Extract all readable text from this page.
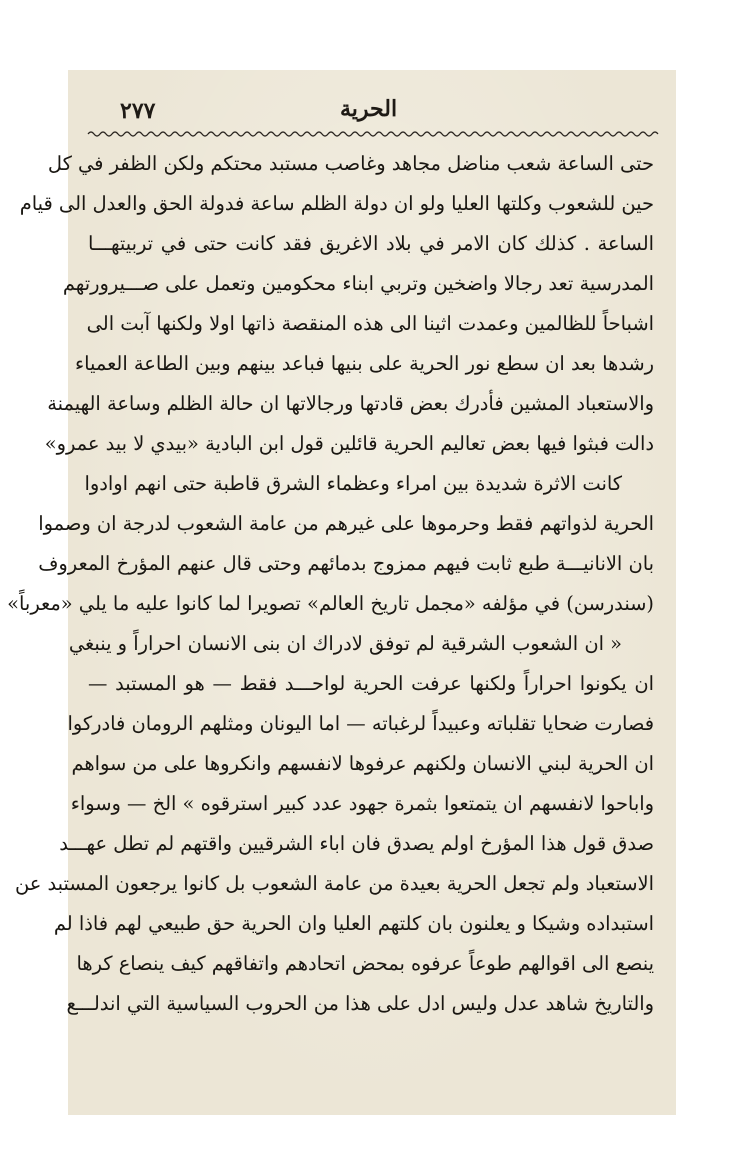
٢٧٧	الحرية
حتى الساعة شعب مناضل مجاهد وغاصب مستبد محتكم ولكن الظفر في كل
حين للشعوب وكلتها العليا ولو ان دولة الظلم ساعة فدولة الحق والعدل الى قيام
الساعة . كذلك كان الامر في بلاد الاغريق فقد كانت حتى في تربيتهـــا
المدرسية تعد رجالا واضخين وتربي ابناء محكومين وتعمل على صـــيرورتهم
اشباحاً للظالمين وعمدت اثينا الى هذه المنقصة ذاتها اولا ولكنها آبت الى
رشدها بعد ان سطع نور الحرية على بنيها فباعد بينهم وبين الطاعة العمياء
والاستعباد المشين فأدرك بعض قادتها ورجالاتها ان حالة الظلم وساعة الهيمنة
دالت فبثوا فيها بعض تعاليم الحرية قائلين قول ابن البادية «بيدي لا بيد عمرو»
كانت الاثرة شديدة بين امراء وعظماء الشرق قاطبة حتى انهم اوادوا
الحرية لذواتهم فقط وحرموها على غيرهم من عامة الشعوب لدرجة ان وصموا
بان الانانيـــة طبع ثابت فيهم ممزوج بدمائهم وحتى قال عنهم المؤرخ المعروف
(سندرسن) في مؤلفه «مجمل تاريخ العالم» تصويرا لما كانوا عليه ما يلي «معرباً»
« ان الشعوب الشرقية لم توفق لادراك ان بنى الانسان احراراً و ينبغي
ان يكونوا احراراً ولكنها عرفت الحرية لواحـــد فقط — هو المستبد —
فصارت ضحايا تقلباته وعبيداً لرغباته — اما اليونان ومثلهم الرومان فادركوا
ان الحرية لبني الانسان ولكنهم عرفوها لانفسهم وانكروها على من سواهم
واباحوا لانفسهم ان يتمتعوا بثمرة جهود عدد كبير استرقوه » الخ — وسواء
صدق قول هذا المؤرخ اولم يصدق فان اباء الشرقيين واقتهم لم تطل عهـــد
الاستعباد ولم تجعل الحرية بعيدة من عامة الشعوب بل كانوا يرجعون المستبد عن
استبداده وشيكا و يعلنون بان كلتهم العليا وان الحرية حق طبيعي لهم فاذا لم
ينصع الى اقوالهم طوعاً عرفوه بمحض اتحادهم واتفاقهم كيف ينصاع كرها
والتاريخ شاهد عدل وليس ادل على هذا من الحروب السياسية التي اندلـــع
